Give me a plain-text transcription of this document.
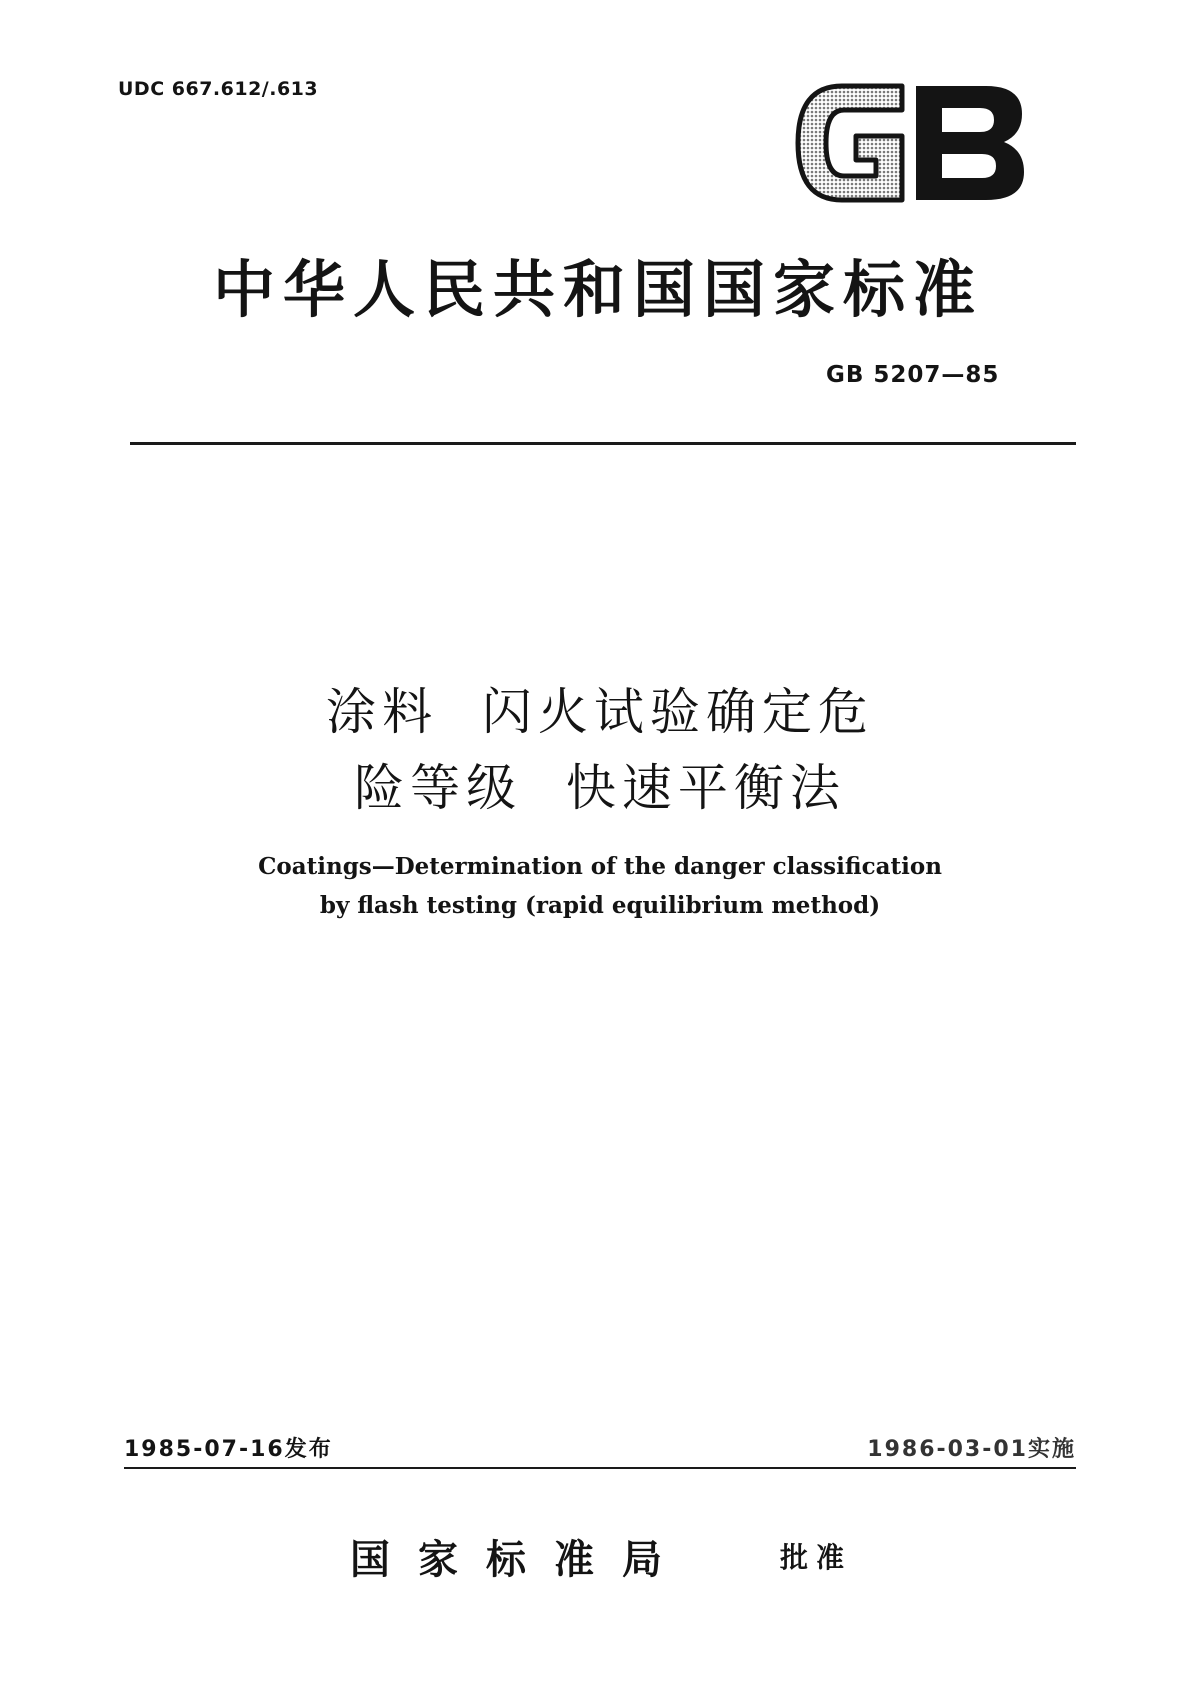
UDC 667.612/.613
GB
中华人民共和国国家标准
GB 5207—85
涂料  闪火试验确定危
险等级  快速平衡法
Coatings—Determination of the danger classification
by flash testing (rapid equilibrium method)
1985-07-16发布	1986-03-01实施
国家标准局	批准
